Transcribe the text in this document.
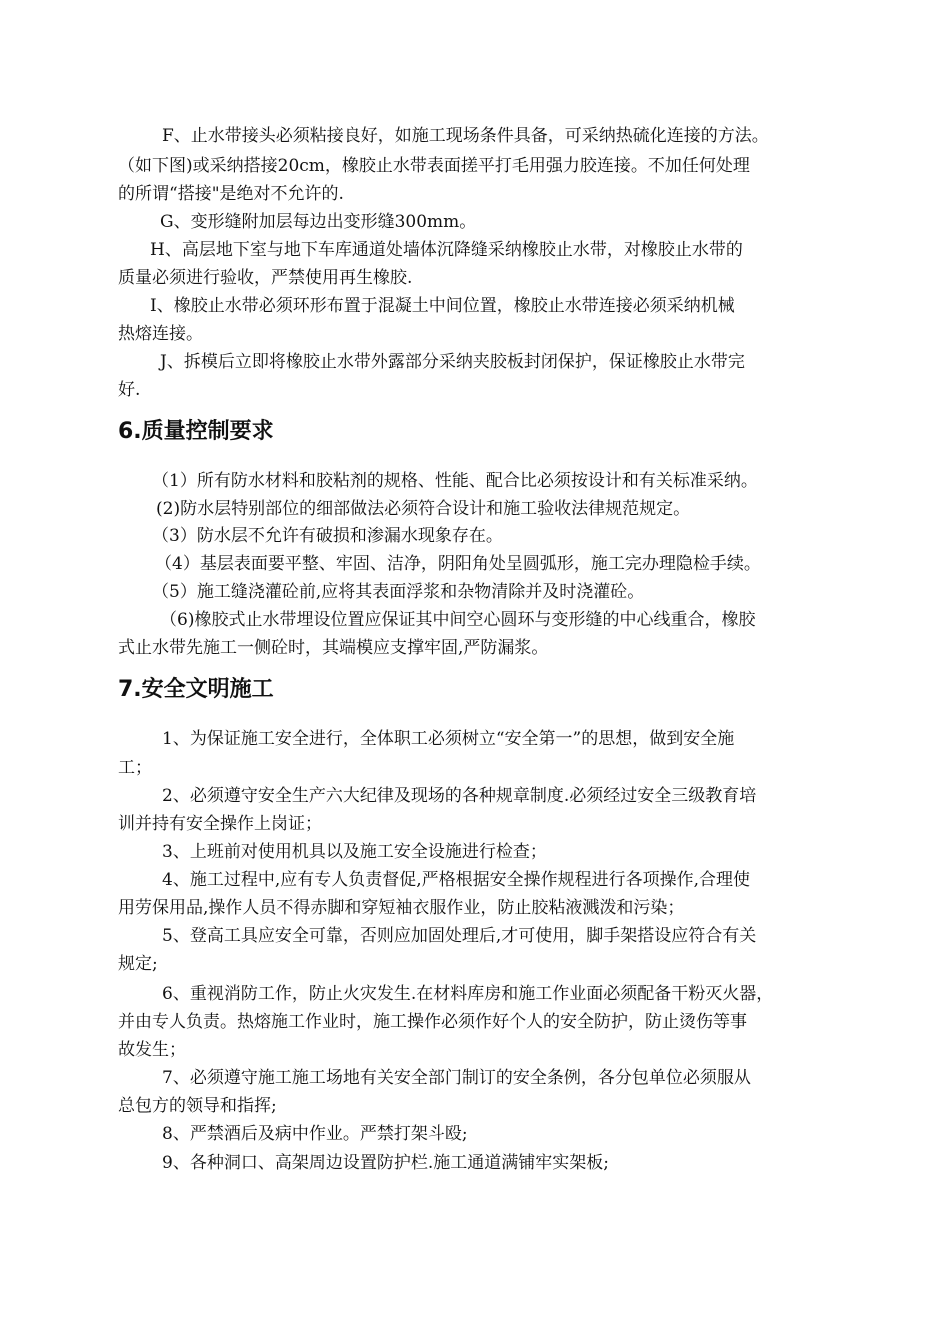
F、止水带接头必须粘接良好，如施工现场条件具备，可采纳热硫化连接的方法。

（如下图)或采纳搭接20cm，橡胶止水带表面搓平打毛用强力胶连接。不加任何处理

的所谓“搭接"是绝对不允许的.

G、变形缝附加层每边出变形缝300mm。

H、高层地下室与地下车库通道处墙体沉降缝采纳橡胶止水带，对橡胶止水带的

质量必须进行验收，严禁使用再生橡胶.

I、橡胶止水带必须环形布置于混凝土中间位置，橡胶止水带连接必须采纳机械

热熔连接。

J、拆模后立即将橡胶止水带外露部分采纳夹胶板封闭保护，保证橡胶止水带完

好.

6.质量控制要求

（1）所有防水材料和胶粘剂的规格、性能、配合比必须按设计和有关标准采纳。

(2)防水层特别部位的细部做法必须符合设计和施工验收法律规范规定。

（3）防水层不允许有破损和渗漏水现象存在。

（4）基层表面要平整、牢固、洁净，阴阳角处呈圆弧形，施工完办理隐检手续。

（5）施工缝浇灌砼前,应将其表面浮浆和杂物清除并及时浇灌砼。

（6)橡胶式止水带埋设位置应保证其中间空心圆环与变形缝的中心线重合，橡胶

式止水带先施工一侧砼时，其端模应支撑牢固,严防漏浆。

7.安全文明施工

1、为保证施工安全进行，全体职工必须树立“安全第一”的思想，做到安全施

工；

2、必须遵守安全生产六大纪律及现场的各种规章制度.必须经过安全三级教育培

训并持有安全操作上岗证；

3、上班前对使用机具以及施工安全设施进行检查；

4、施工过程中,应有专人负责督促,严格根据安全操作规程进行各项操作,合理使

用劳保用品,操作人员不得赤脚和穿短袖衣服作业，防止胶粘液溅泼和污染；

5、登高工具应安全可靠，否则应加固处理后,才可使用，脚手架搭设应符合有关

规定;

6、重视消防工作，防止火灾发生.在材料库房和施工作业面必须配备干粉灭火器，

并由专人负责。热熔施工作业时，施工操作必须作好个人的安全防护，防止烫伤等事

故发生；

7、必须遵守施工施工场地有关安全部门制订的安全条例，各分包单位必须服从

总包方的领导和指挥;

8、严禁酒后及病中作业。严禁打架斗殴;

9、各种洞口、高架周边设置防护栏.施工通道满铺牢实架板;
